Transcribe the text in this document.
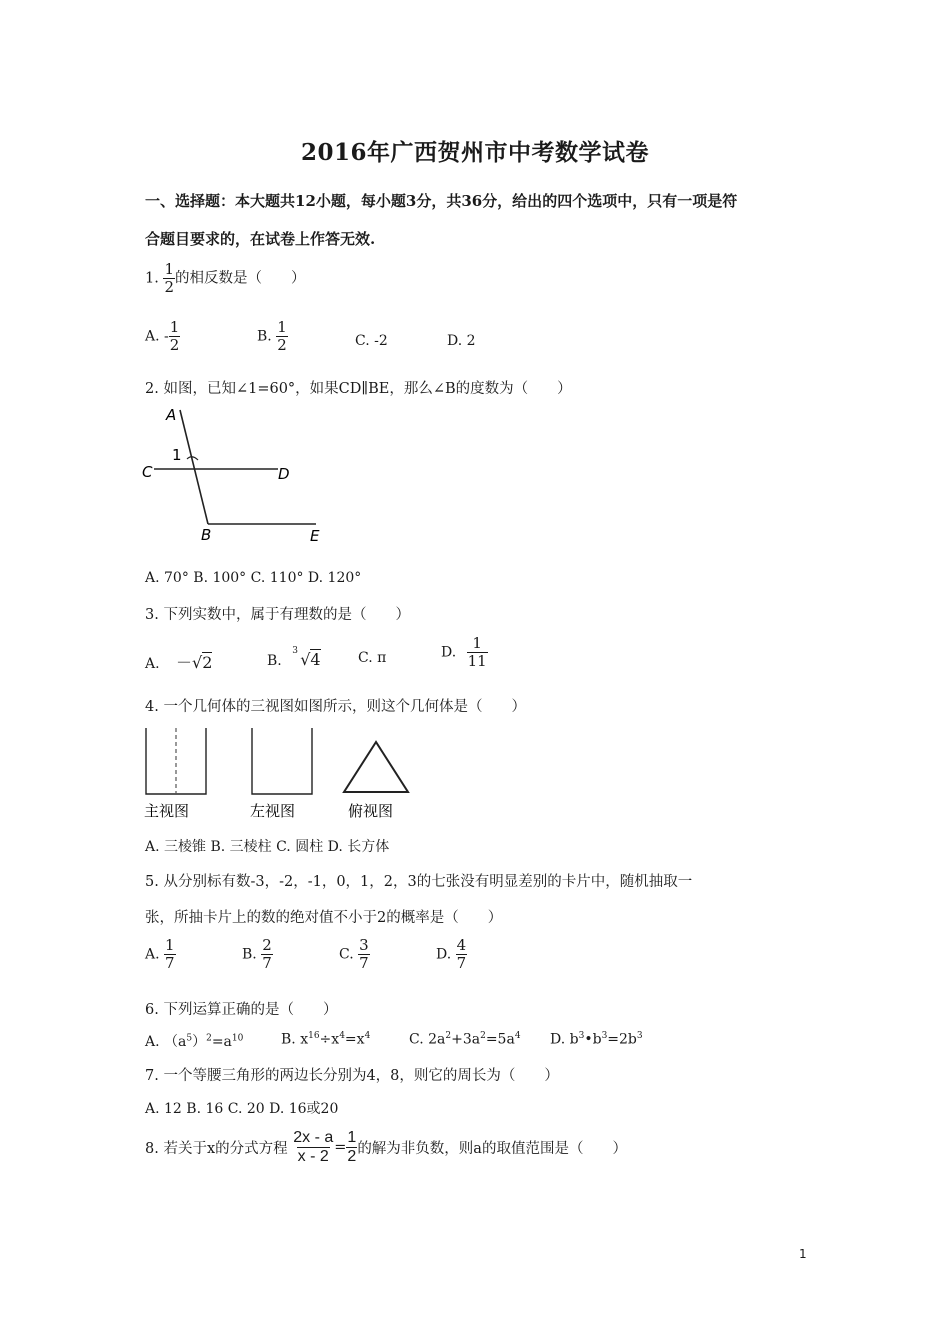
2016年广西贺州市中考数学试卷
一、选择题：本大题共12小题，每小题3分，共36分，给出的四个选项中，只有一项是符
合题目要求的，在试卷上作答无效.
1. $\frac{1}{2}$ 的相反数是（　　）
A. - $\frac{1}{2}$	B. $\frac{1}{2}$	C. -2	D. 2
2. 如图，已知∠1=60°，如果CD∥BE，那么∠B的度数为（　　）
A
1
C	D
B	E
A. 70° B. 100° C. 110° D. 120°
3. 下列实数中，属于有理数的是（　　）
A. －√2	B.
3 √4	C. π	D. $\frac{1}{11}$
4. 一个几何体的三视图如图所示，则这个几何体是（　　）
主视图	左视图	俯视图
A. 三棱锥 B. 三棱柱 C. 圆柱 D. 长方体
5. 从分别标有数-3，-2，-1，0，1，2，3的七张没有明显差别的卡片中，随机抽取一
张，所抽卡片上的数的绝对值不小于2的概率是（　　）
A. $\frac{1}{7}$	B. $\frac{2}{7}$	C. $\frac{3}{7}$	D. $\frac{4}{7}$
6. 下列运算正确的是（　　）
A. $(a^5)^2=a^{10}$	B. $x^{16}\div x^4=x^4$	C. $2a^2+3a^2=5a^4$ D. $b^3•b^3=2b^3$
7. 一个等腰三角形的两边长分别为4，8，则它的周长为（　　）
A. 12 B. 16 C. 20 D. 16或20
8. 若关于x的分式方程 $\frac{2x - a}{x - 2} = \frac{1}{2}$ 的解为非负数，则a的取值范围是（　　）
1
